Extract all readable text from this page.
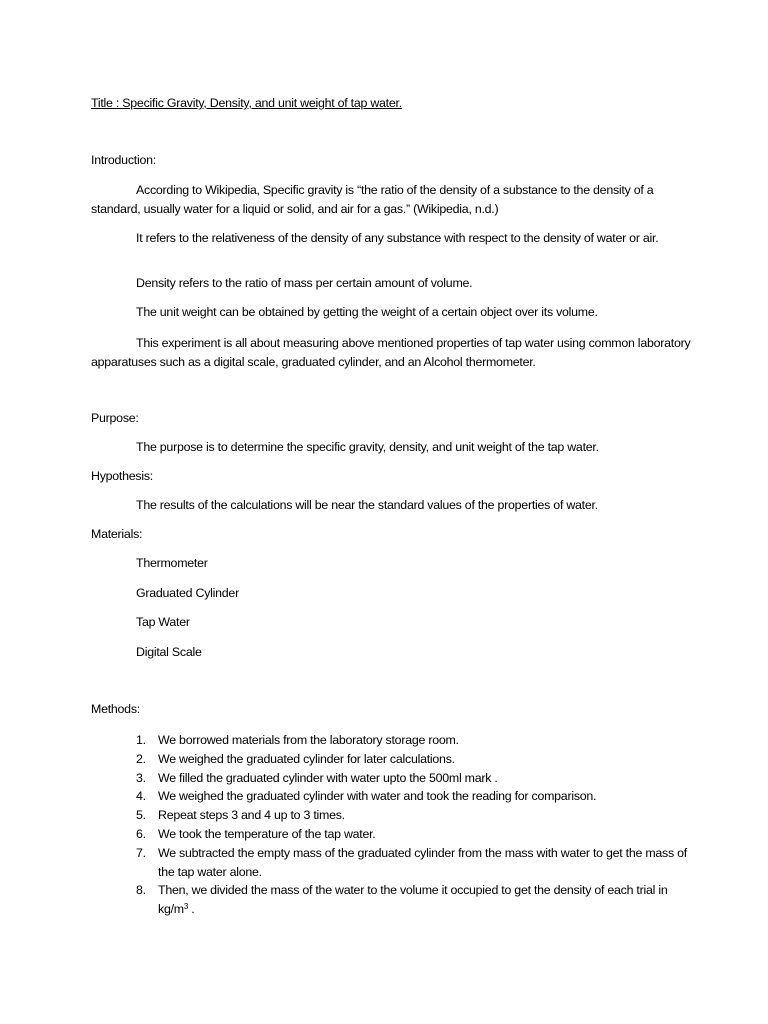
Title : Specific Gravity, Density, and unit weight of tap water.
Introduction:
According to Wikipedia, Specific gravity is “the ratio of the density of a substance to the density of a standard, usually water for a liquid or solid, and air for a gas.” (Wikipedia, n.d.)
It refers to the relativeness of the density of any substance with respect to the density of water or air.
Density refers to the ratio of mass per certain amount of volume.
The unit weight can be obtained by getting the weight of a certain object over its volume.
This experiment is all about measuring above mentioned properties of tap water using common laboratory apparatuses such as a digital scale, graduated cylinder, and an Alcohol thermometer.
Purpose:
The purpose is to determine the specific gravity, density, and unit weight of the tap water.
Hypothesis:
The results of the calculations will be near the standard values of the properties of water.
Materials:
Thermometer
Graduated Cylinder
Tap Water
Digital Scale
Methods:
1. We borrowed materials from the laboratory storage room.
2. We weighed the graduated cylinder for later calculations.
3. We filled the graduated cylinder with water upto the 500ml mark .
4. We weighed the graduated cylinder with water and took the reading for comparison.
5. Repeat steps 3 and 4 up to 3 times.
6. We took the temperature of the tap water.
7. We subtracted the empty mass of the graduated cylinder from the mass with water to get the mass of the tap water alone.
8. Then, we divided the mass of the water to the volume it occupied to get the density of each trial in $kg/m^3$ .
